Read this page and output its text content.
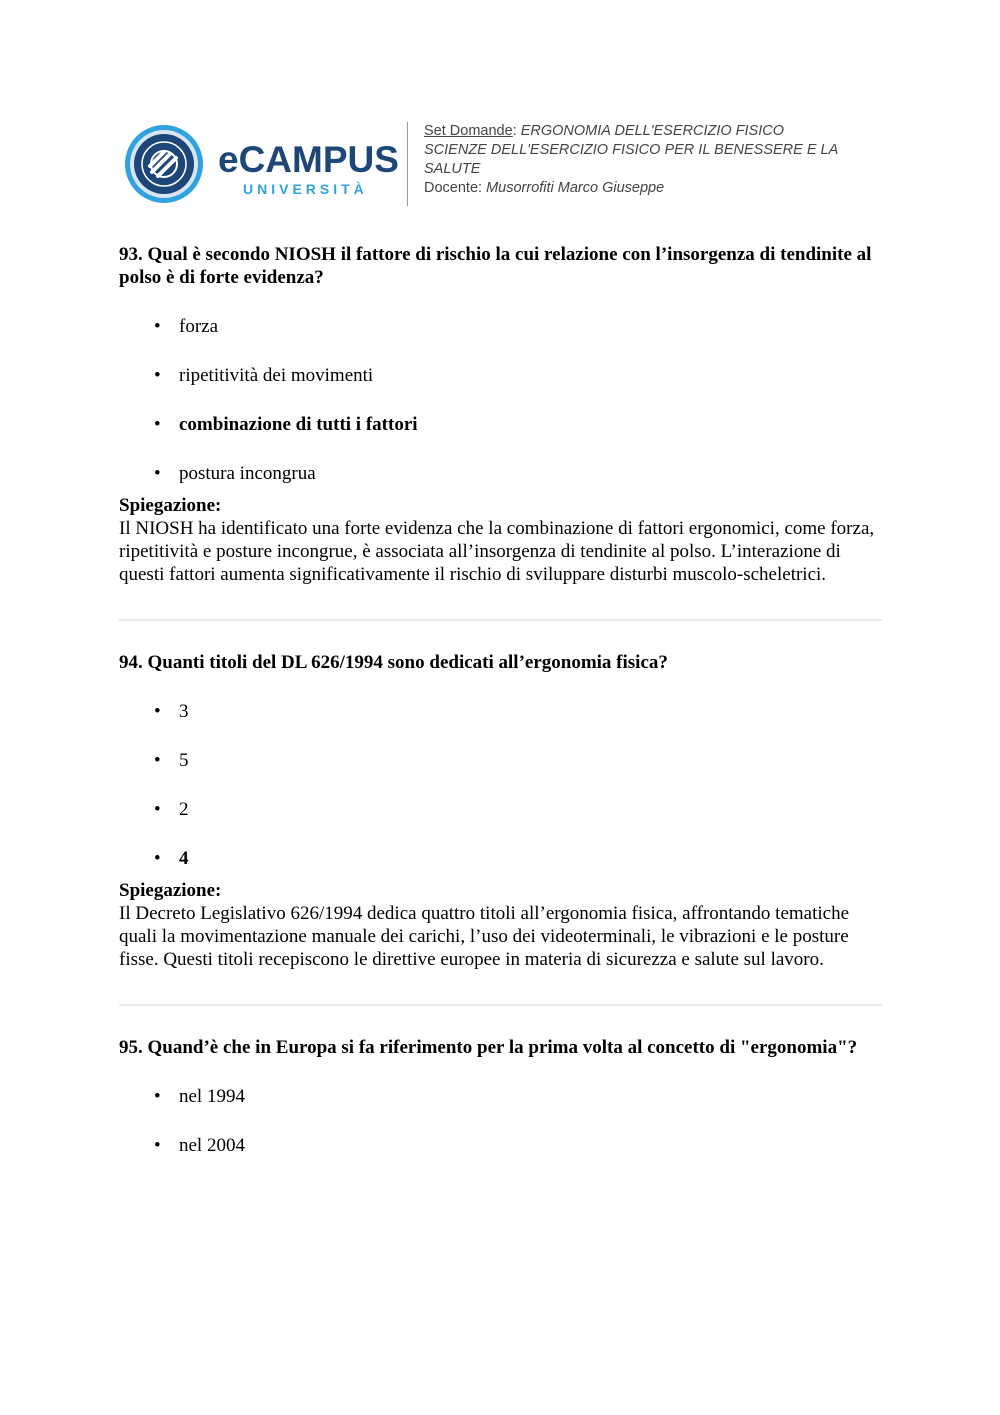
eCAMPUS
UNIVERSITÀ
Set Domande: ERGONOMIA DELL'ESERCIZIO FISICO
SCIENZE DELL'ESERCIZIO FISICO PER IL BENESSERE E LA SALUTE
Docente: Musorrofiti Marco Giuseppe

93. Qual è secondo NIOSH il fattore di rischio la cui relazione con l’insorgenza di tendinite al polso è di forte evidenza?

• forza
• ripetitività dei movimenti
• combinazione di tutti i fattori
• postura incongrua
Spiegazione:

Il NIOSH ha identificato una forte evidenza che la combinazione di fattori ergonomici, come forza, ripetitività e posture incongrue, è associata all’insorgenza di tendinite al polso. L’interazione di questi fattori aumenta significativamente il rischio di sviluppare disturbi muscolo-scheletrici.

94. Quanti titoli del DL 626/1994 sono dedicati all’ergonomia fisica?

• 3
• 5
• 2
• 4
Spiegazione:

Il Decreto Legislativo 626/1994 dedica quattro titoli all’ergonomia fisica, affrontando tematiche quali la movimentazione manuale dei carichi, l’uso dei videoterminali, le vibrazioni e le posture fisse. Questi titoli recepiscono le direttive europee in materia di sicurezza e salute sul lavoro.

95. Quand’è che in Europa si fa riferimento per la prima volta al concetto di "ergonomia"?

• nel 1994
• nel 2004
